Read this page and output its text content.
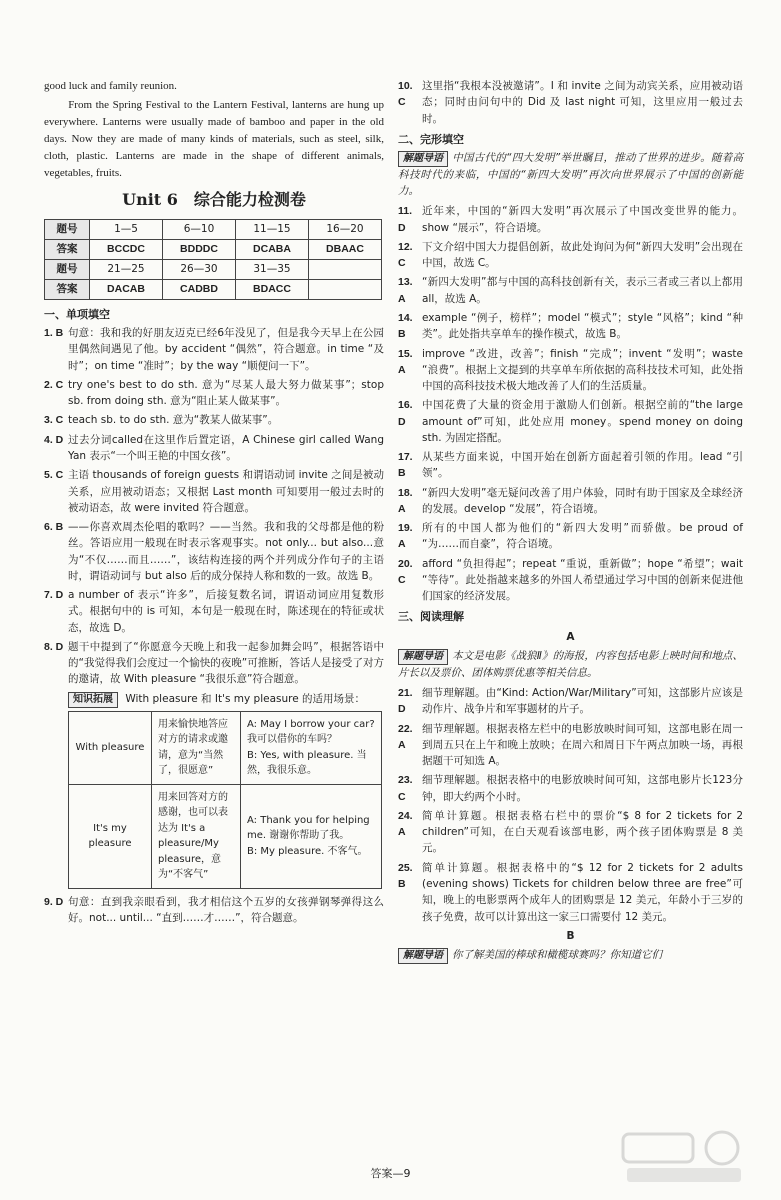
good luck and family reunion.

From the Spring Festival to the Lantern Festival, lanterns are hung up everywhere. Lanterns were usually made of bamboo and paper in the old days. Now they are made of many kinds of materials, such as steel, silk, cloth, plastic. Lanterns are made in the shape of different animals, vegetables, fruits.

Unit 6　综合能力检测卷
题号	1—5	6—10	11—15	16—20
答案	BCCDC	BDDDC	DCABA	DBAAC
题号	21—25	26—30	31—35	
答案	DACAB	CADBD	BDACC	
一、单项填空
1. B 句意：我和我的好朋友迈克已经6年没见了，但是我今天早上在公园里偶然间遇见了他。by accident “偶然”，符合题意。in time “及时”；on time “准时”；by the way “顺便问一下”。
2. C try one's best to do sth. 意为“尽某人最大努力做某事”；stop sb. from doing sth. 意为“阻止某人做某事”。
3. C teach sb. to do sth. 意为“教某人做某事”。
4. D 过去分词called在这里作后置定语，A Chinese girl called Wang Yan 表示“一个叫王艳的中国女孩”。
5. C 主语 thousands of foreign guests 和谓语动词 invite 之间是被动关系，应用被动语态；又根据 Last month 可知要用一般过去时的被动语态，故 were invited 符合题意。
6. B ——你喜欢周杰伦唱的歌吗？——当然。我和我的父母都是他的粉丝。答语应用一般现在时表示客观事实。not only... but also...意为“不仅……而且……”，该结构连接的两个并列成分作句子的主语时，谓语动词与 but also 后的成分保持人称和数的一致。故选 B。
7. D a number of 表示“许多”，后接复数名词，谓语动词应用复数形式。根据句中的 is 可知，本句是一般现在时，陈述现在的特征或状态，故选 D。
8. D 题干中提到了“你愿意今天晚上和我一起参加舞会吗”，根据答语中的“我觉得我们会度过一个愉快的夜晚”可推断，答话人是接受了对方的邀请，故 With pleasure “我很乐意”符合题意。
知识拓展 With pleasure 和 It's my pleasure 的适用场景：
With pleasure	用来愉快地答应对方的请求或邀请，意为“当然了，很愿意”	A: May I borrow your car? 我可以借你的车吗？
B: Yes, with pleasure. 当然，我很乐意。
It's my pleasure	用来回答对方的感谢，也可以表达为 It's a pleasure/My pleasure，意为“不客气”	A: Thank you for helping me. 谢谢你帮助了我。
B: My pleasure. 不客气。
9. D 句意：直到我亲眼看到，我才相信这个五岁的女孩弹钢琴弹得这么好。not... until... “直到……才……”，符合题意。
10. C
这里指“我根本没被邀请”。I 和 invite 之间为动宾关系，应用被动语态；同时由问句中的 Did 及 last night 可知，这里应用一般过去时。
二、完形填空
解题导语 中国古代的“四大发明”举世瞩目，推动了世界的进步。随着高科技时代的来临，中国的“新四大发明”再次向世界展示了中国的创新能力。
11. D
近年来，中国的“新四大发明”再次展示了中国改变世界的能力。show “展示”，符合语境。
12. C
下文介绍中国大力提倡创新，故此处询问为何“新四大发明”会出现在中国，故选 C。
13. A
“新四大发明”都与中国的高科技创新有关，表示三者或三者以上都用 all，故选 A。
14. B
example “例子，榜样”；model “模式”；style “风格”；kind “种类”。此处指共享单车的操作模式，故选 B。
15. A
improve “改进，改善”；finish “完成”；invent “发明”；waste “浪费”。根据上文提到的共享单车所依据的高科技技术可知，此处指中国的高科技技术极大地改善了人们的生活质量。
16. D
中国花费了大量的资金用于激励人们创新。根据空前的“the large amount of”可知，此处应用 money。spend money on doing sth. 为固定搭配。
17. B
从某些方面来说，中国开始在创新方面起着引领的作用。lead “引领”。
18. A
“新四大发明”毫无疑问改善了用户体验，同时有助于国家及全球经济的发展。develop “发展”，符合语境。
19. A
所有的中国人都为他们的“新四大发明”而骄傲。be proud of “为……而自豪”，符合语境。
20. C
afford “负担得起”；repeat “重说，重新做”；hope “希望”；wait “等待”。此处指越来越多的外国人希望通过学习中国的创新来促进他们国家的经济发展。
三、阅读理解
A
解题导语 本文是电影《战狼Ⅱ》的海报，内容包括电影上映时间和地点、片长以及票价、团体购票优惠等相关信息。
21. D
细节理解题。由“Kind: Action/War/Military”可知，这部影片应该是动作片、战争片和军事题材的片子。
22. A
细节理解题。根据表格左栏中的电影放映时间可知，这部电影在周一到周五只在上午和晚上放映；在周六和周日下午两点加映一场，再根据题干可知选 A。
23. C
细节理解题。根据表格中的电影放映时间可知，这部电影片长123分钟，即大约两个小时。
24. A
简单计算题。根据表格右栏中的票价“$ 8 for 2 tickets for 2 children”可知，在白天观看该部电影，两个孩子团体购票是 8 美元。
25. B
简单计算题。根据表格中的“$ 12 for 2 tickets for 2 adults (evening shows) Tickets for children below three are free”可知，晚上的电影票两个成年人的团购票是 12 美元，年龄小于三岁的孩子免费，故可以计算出这一家三口需要付 12 美元。
B
解题导语 你了解美国的棒球和橄榄球赛吗？你知道它们
答案—9
